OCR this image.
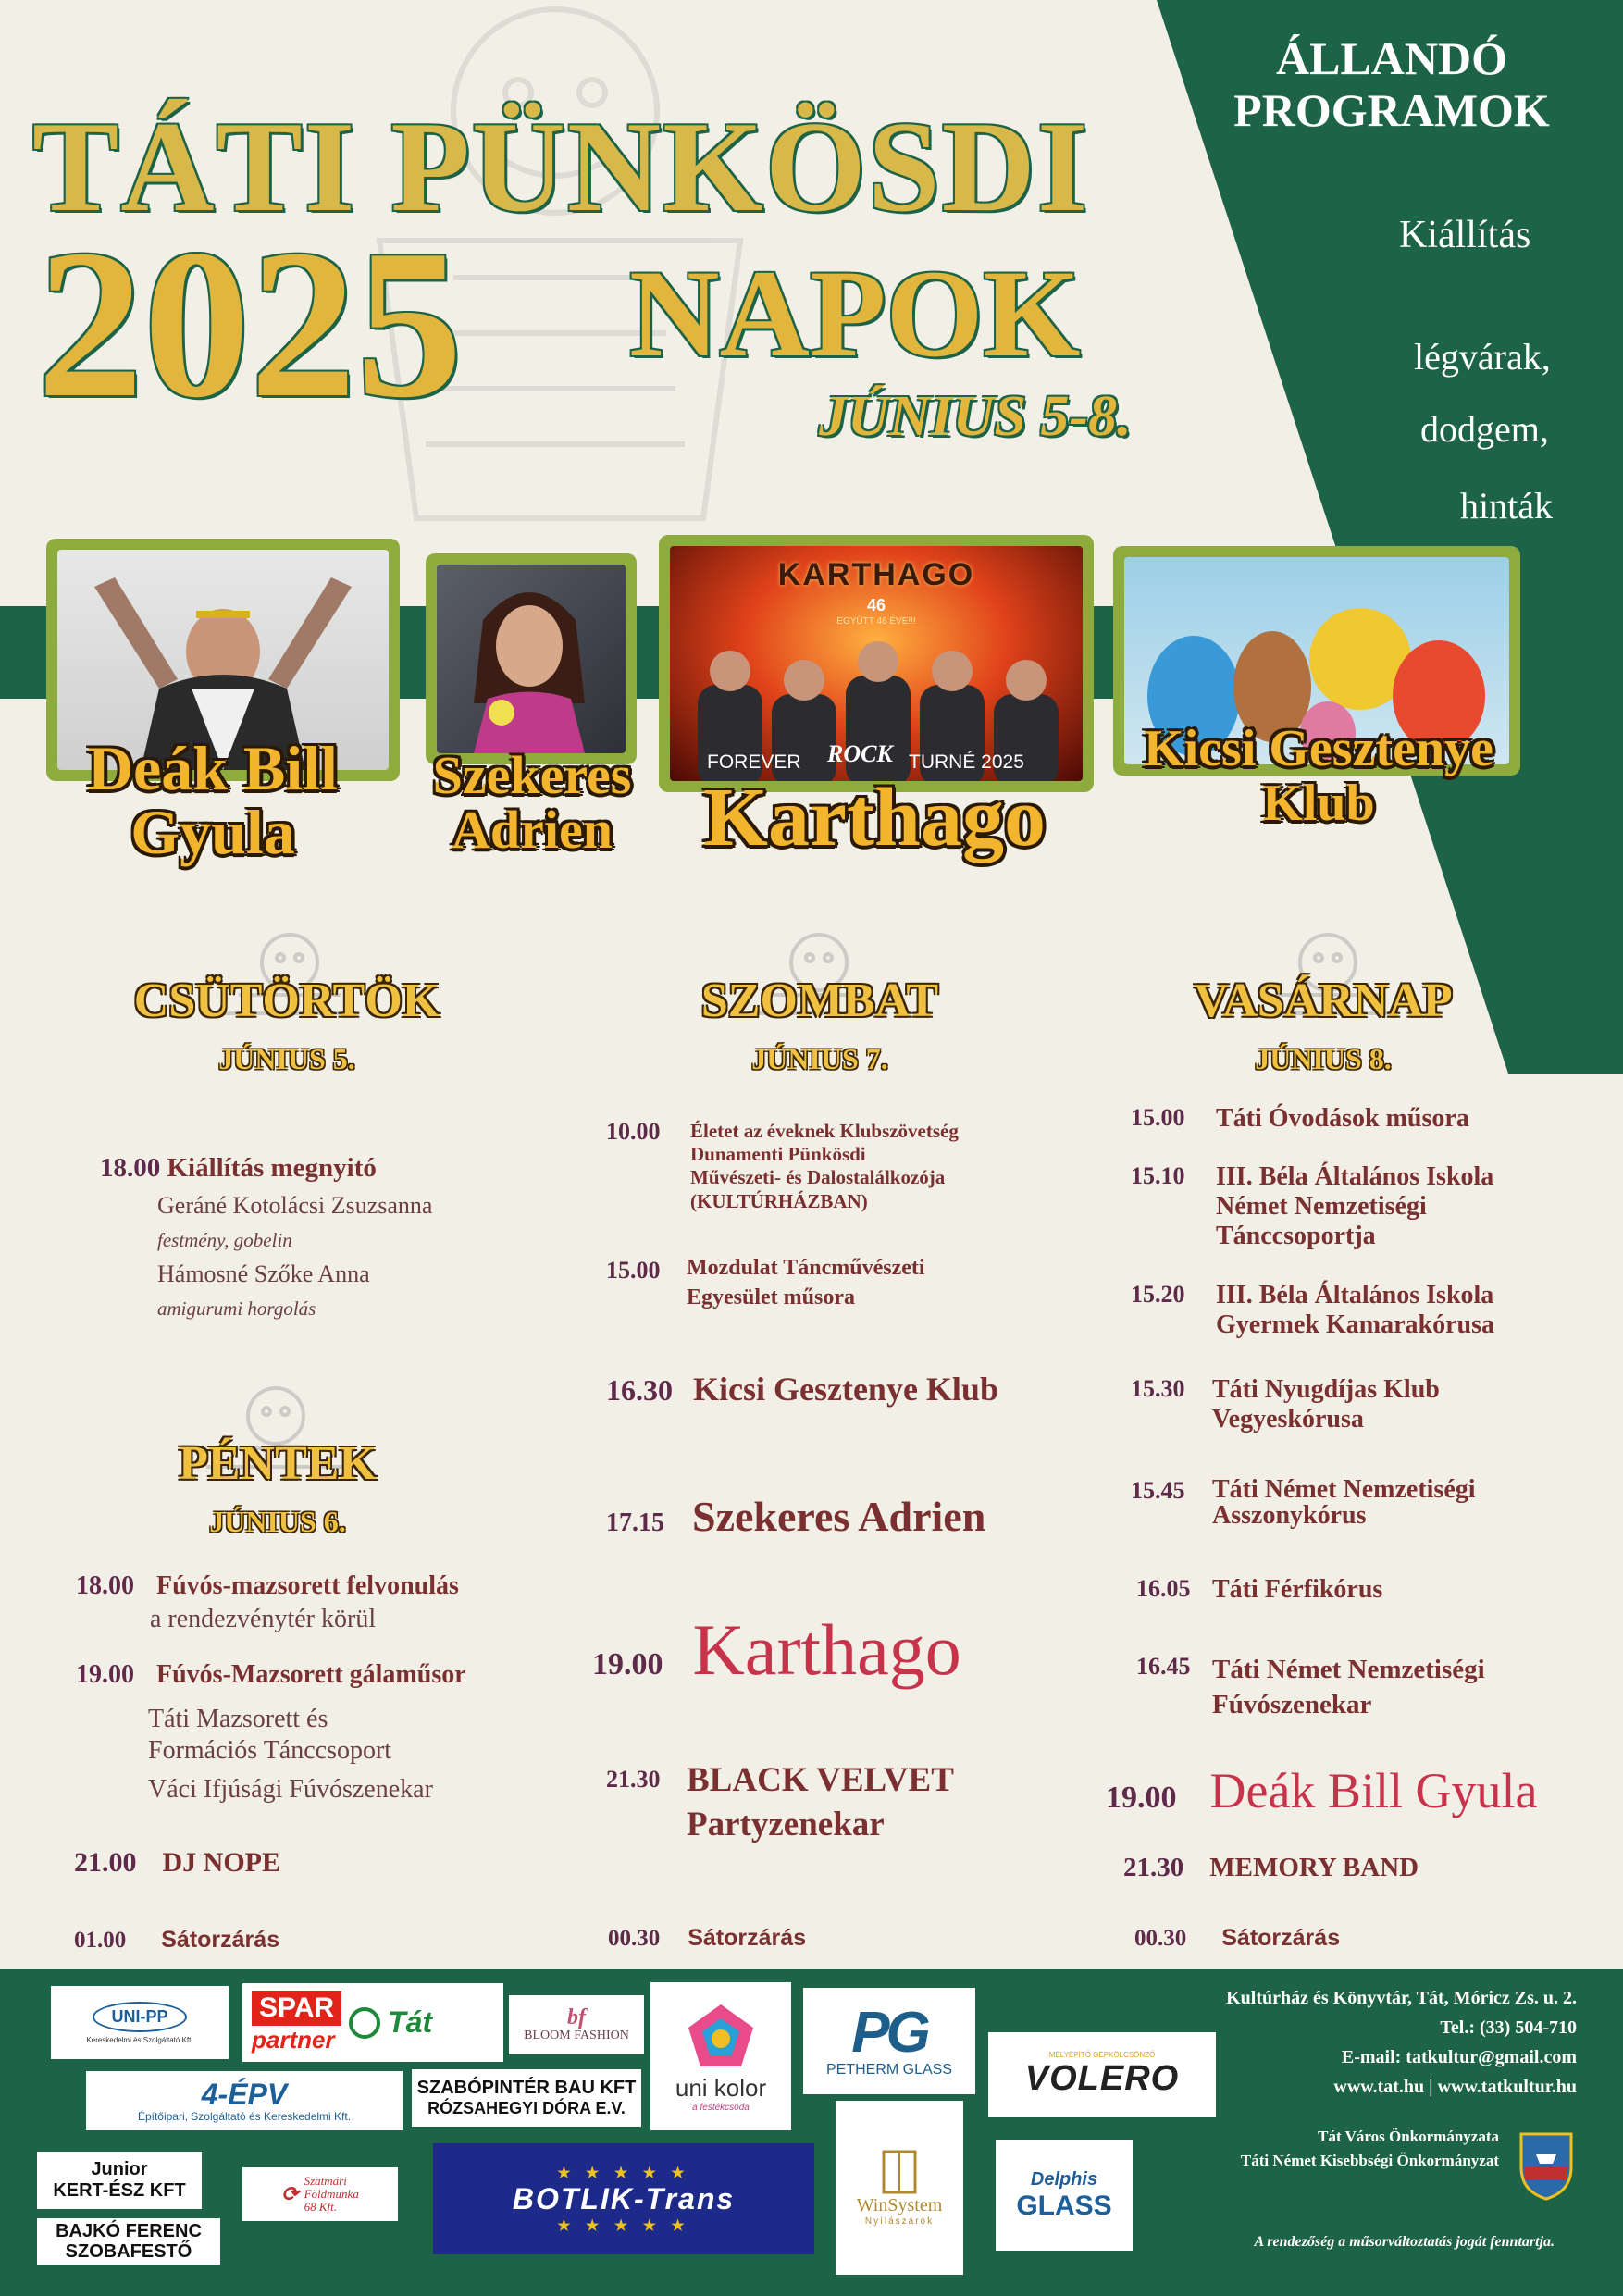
TÁTI PÜNKÖSDI
2025 NAPOK
JÚNIUS 5-8.
ÁLLANDÓ
PROGRAMOK
Kiállítás
légvárak,
dodgem,
hinták
KARTHAGO
46
EGYÜTT 46 ÉVE!!!
FOREVER ROCK TURNÉ 2025
Deák Bill
Gyula
Szekeres
Adrien	Karthago
Kicsi Gesztenye
Klub
CSÜTÖRTÖK
JÚNIUS 5.
SZOMBAT
JÚNIUS 7.
VASÁRNAP
JÚNIUS 8.
PÉNTEK
JÚNIUS 6.
18.00 Kiállítás megnyitó
Geráné Kotolácsi Zsuzsanna
festmény, gobelin
Hámosné Szőke Anna
amigurumi horgolás
18.00 Fúvós-mazsorett felvonulás
a rendezvénytér körül
19.00 Fúvós-Mazsorett gálaműsor
Táti Mazsorett és
Formációs Tánccsoport
Váci Ifjúsági Fúvószenekar
21.00 DJ NOPE
01.00 Sátorzárás
10.00 Életet az éveknek Klubszövetség
Dunamenti Pünkösdi
Művészeti- és Dalostalálkozója
(KULTÚRHÁZBAN)
15.00 Mozdulat Táncművészeti
Egyesület műsora
16.30 Kicsi Gesztenye Klub
17.15 Szekeres Adrien
19.00 Karthago
21.30 BLACK VELVET
Partyzenekar
00.30 Sátorzárás
15.00 Táti Óvodások műsora
15.10 III. Béla Általános Iskola
Német Nemzetiségi
Tánccsoportja
15.20 III. Béla Általános Iskola
Gyermek Kamarakórusa
15.30 Táti Nyugdíjas Klub
Vegyeskórusa
15.45 Táti Német Nemzetiségi
Asszonykórus
16.05 Táti Férfikórus
16.45 Táti Német Nemzetiségi
Fúvószenekar
19.00 Deák Bill Gyula
21.30 MEMORY BAND
00.30 Sátorzárás
UNI-PP
Kereskedelmi és Szolgáltató Kft.
SPAR
partner
Tát	bf
BLOOM FASHION
uni kolor
a festékcsoda
PG
PETHERM GLASS
MÉLYÉPÍTŐ GÉPKÖLCSÖNZŐ
VOLERO
4-ÉPV
Építőipari, Szolgáltató és Kereskedelmi Kft.
SZABÓPINTÉR BAU KFT
RÓZSAHEGYI DÓRA E.V.
Junior
KERT-ÉSZ KFT
BAJKÓ FERENC
SZOBAFESTŐ
⟳
Szatmári
Földmunka
68 Kft.
★ ★ ★ ★ ★
BOTLIK-Trans
★ ★ ★ ★ ★
WinSystem
Nyílászárók
Delphis
GLASS
Kultúrház és Könyvtár, Tát, Móricz Zs. u. 2.
Tel.: (33) 504-710
E-mail: tatkultur@gmail.com
www.tat.hu | www.tatkultur.hu
Tát Város Önkormányzata
Táti Német Kisebbségi Önkormányzat
A rendezőség a műsorváltoztatás jogát fenntartja.
